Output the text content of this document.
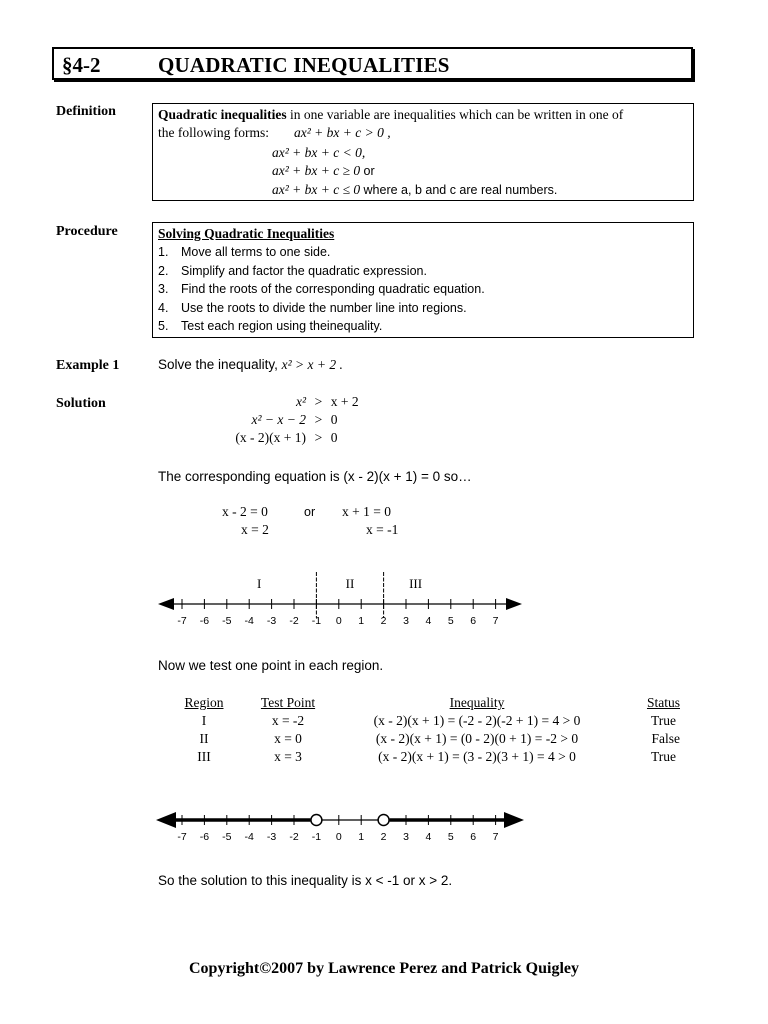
§4-2	QUADRATIC INEQUALITIES
Definition	Quadratic inequalities in one variable are inequalities which can be written in one of
the following forms: ax² + bx + c > 0 ,
ax² + bx + c < 0,
ax² + bx + c ≥ 0 or
ax² + bx + c ≤ 0 where a, b and c are real numbers.
Procedure	Solving Quadratic Inequalities
1. Move all terms to one side.
2. Simplify and factor the quadratic expression.
3. Find the roots of the corresponding quadratic equation.
4. Use the roots to divide the number line into regions.
5. Test each region using theinequality.
Example 1	Solve the inequality, x² > x + 2 .
Solution	x² > x + 2
x² − x − 2 > 0
(x - 2)(x + 1) > 0
The corresponding equation is (x - 2)(x + 1) = 0 so…
x - 2 = 0	or x + 1 = 0
x = 2	x = -1
-7 -6 -5 -4 -3 -2 -1 0 1 2 3 4 5 6 7
I	II	III
Now we test one point in each region.
Region	Test Point	Inequality	Status
I	x = -2	(x - 2)(x + 1) = (-2 - 2)(-2 + 1) = 4 > 0	True
II	x = 0	(x - 2)(x + 1) = (0 - 2)(0 + 1) = -2 > 0	False
III	x = 3	(x - 2)(x + 1) = (3 - 2)(3 + 1) = 4 > 0	True
-7 -6 -5 -4 -3 -2 -1 0 1 2 3 4 5 6 7
So the solution to this inequality is x < -1 or x > 2.
Copyright©2007 by Lawrence Perez and Patrick Quigley
